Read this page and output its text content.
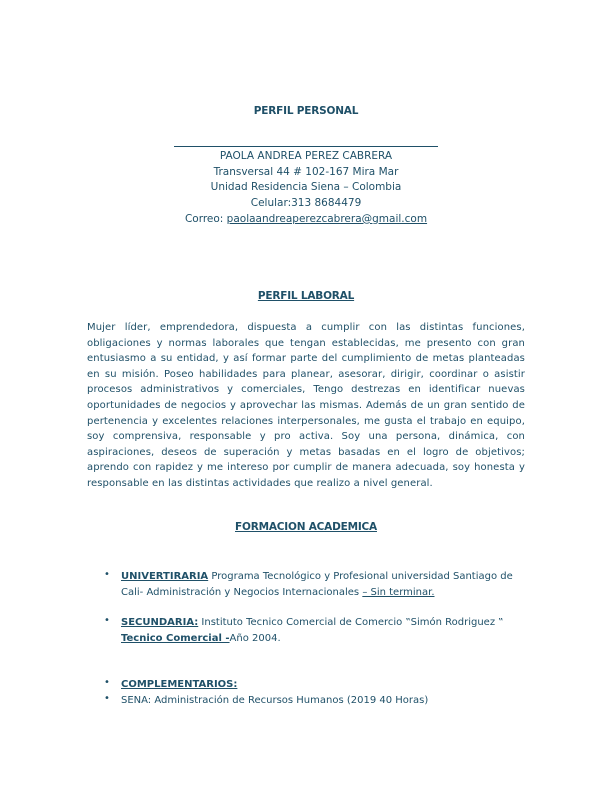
PERFIL PERSONAL
PAOLA ANDREA PEREZ CABRERA
Transversal 44 # 102-167 Mira Mar
Unidad Residencia Siena – Colombia
Celular:313 8684479
Correo: paolaandreaperezcabrera@gmail.com
PERFIL LABORAL
Mujer líder, emprendedora, dispuesta a cumplir con las distintas funciones, obligaciones y normas laborales que tengan establecidas, me presento con gran entusiasmo a su entidad, y así formar parte del cumplimiento de metas planteadas en su misión. Poseo habilidades para planear, asesorar, dirigir, coordinar o asistir procesos administrativos y comerciales, Tengo destrezas en identificar nuevas oportunidades de negocios y aprovechar las mismas. Además de un gran sentido de pertenencia y excelentes relaciones interpersonales, me gusta el trabajo en equipo, soy comprensiva, responsable y pro activa. Soy una persona, dinámica, con aspiraciones, deseos de superación y metas basadas en el logro de objetivos; aprendo con rapidez y me intereso por cumplir de manera adecuada, soy honesta y responsable en las distintas actividades que realizo a nivel general.
FORMACION ACADEMICA
• UNIVERTIRARIA Programa Tecnológico y Profesional universidad Santiago de Cali- Administración y Negocios Internacionales – Sin terminar.
• SECUNDARIA: Instituto Tecnico Comercial de Comercio ‟Simón Rodriguez ‟ Tecnico Comercial -Año 2004.
• COMPLEMENTARIOS:
• SENA: Administración de Recursos Humanos (2019 40 Horas)
